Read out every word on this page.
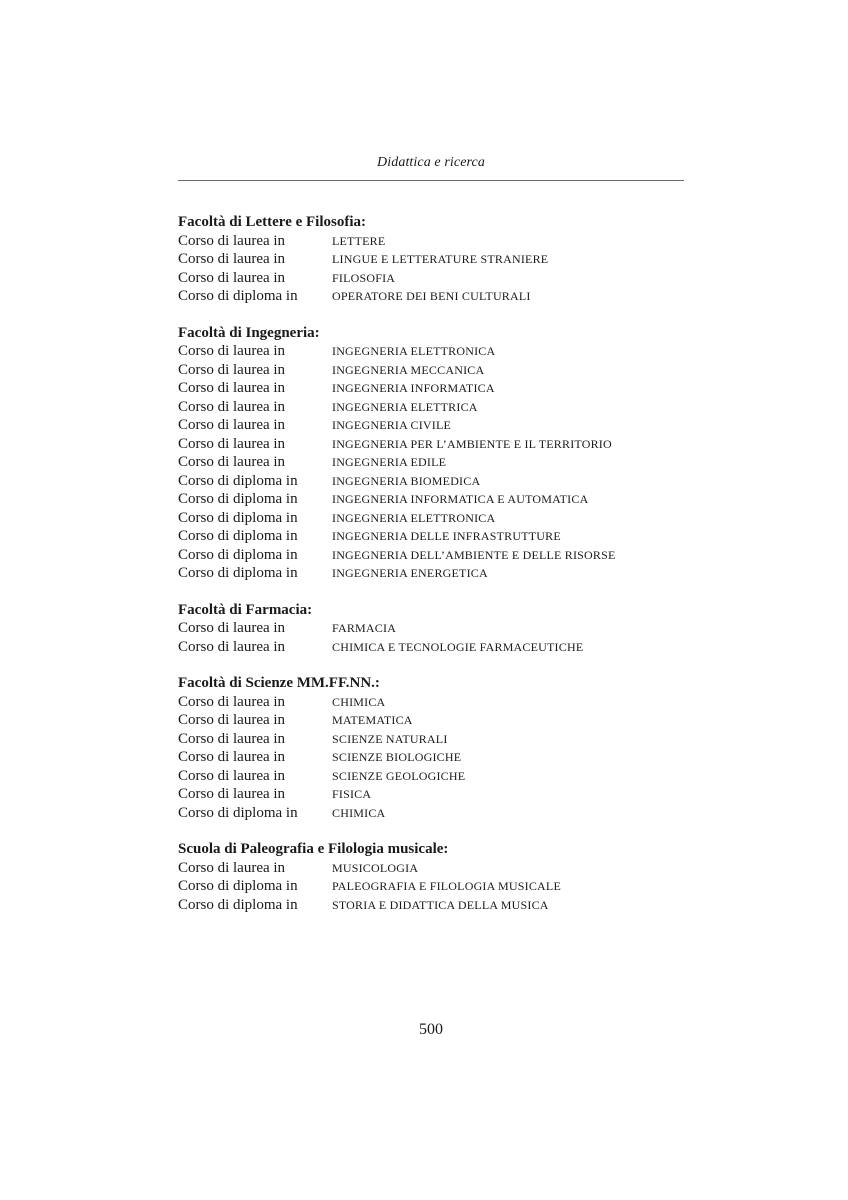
Didattica e ricerca
Facoltà di Lettere e Filosofia:
Corso di laurea in	LETTERE
Corso di laurea in	LINGUE E LETTERATURE STRANIERE
Corso di laurea in	FILOSOFIA
Corso di diploma in	OPERATORE DEI BENI CULTURALI
Facoltà di Ingegneria:
Corso di laurea in	INGEGNERIA ELETTRONICA
Corso di laurea in	INGEGNERIA MECCANICA
Corso di laurea in	INGEGNERIA INFORMATICA
Corso di laurea in	INGEGNERIA ELETTRICA
Corso di laurea in	INGEGNERIA CIVILE
Corso di laurea in	INGEGNERIA PER L’AMBIENTE E IL TERRITORIO
Corso di laurea in	INGEGNERIA EDILE
Corso di diploma in	INGEGNERIA BIOMEDICA
Corso di diploma in	INGEGNERIA INFORMATICA E AUTOMATICA
Corso di diploma in	INGEGNERIA ELETTRONICA
Corso di diploma in	INGEGNERIA DELLE INFRASTRUTTURE
Corso di diploma in	INGEGNERIA DELL’AMBIENTE E DELLE RISORSE
Corso di diploma in	INGEGNERIA ENERGETICA
Facoltà di Farmacia:
Corso di laurea in	FARMACIA
Corso di laurea in	CHIMICA E TECNOLOGIE FARMACEUTICHE
Facoltà di Scienze MM.FF.NN.:
Corso di laurea in	CHIMICA
Corso di laurea in	MATEMATICA
Corso di laurea in	SCIENZE NATURALI
Corso di laurea in	SCIENZE BIOLOGICHE
Corso di laurea in	SCIENZE GEOLOGICHE
Corso di laurea in	FISICA
Corso di diploma in	CHIMICA
Scuola di Paleografia e Filologia musicale:
Corso di laurea in	MUSICOLOGIA
Corso di diploma in	PALEOGRAFIA E FILOLOGIA MUSICALE
Corso di diploma in	STORIA E DIDATTICA DELLA MUSICA
500
